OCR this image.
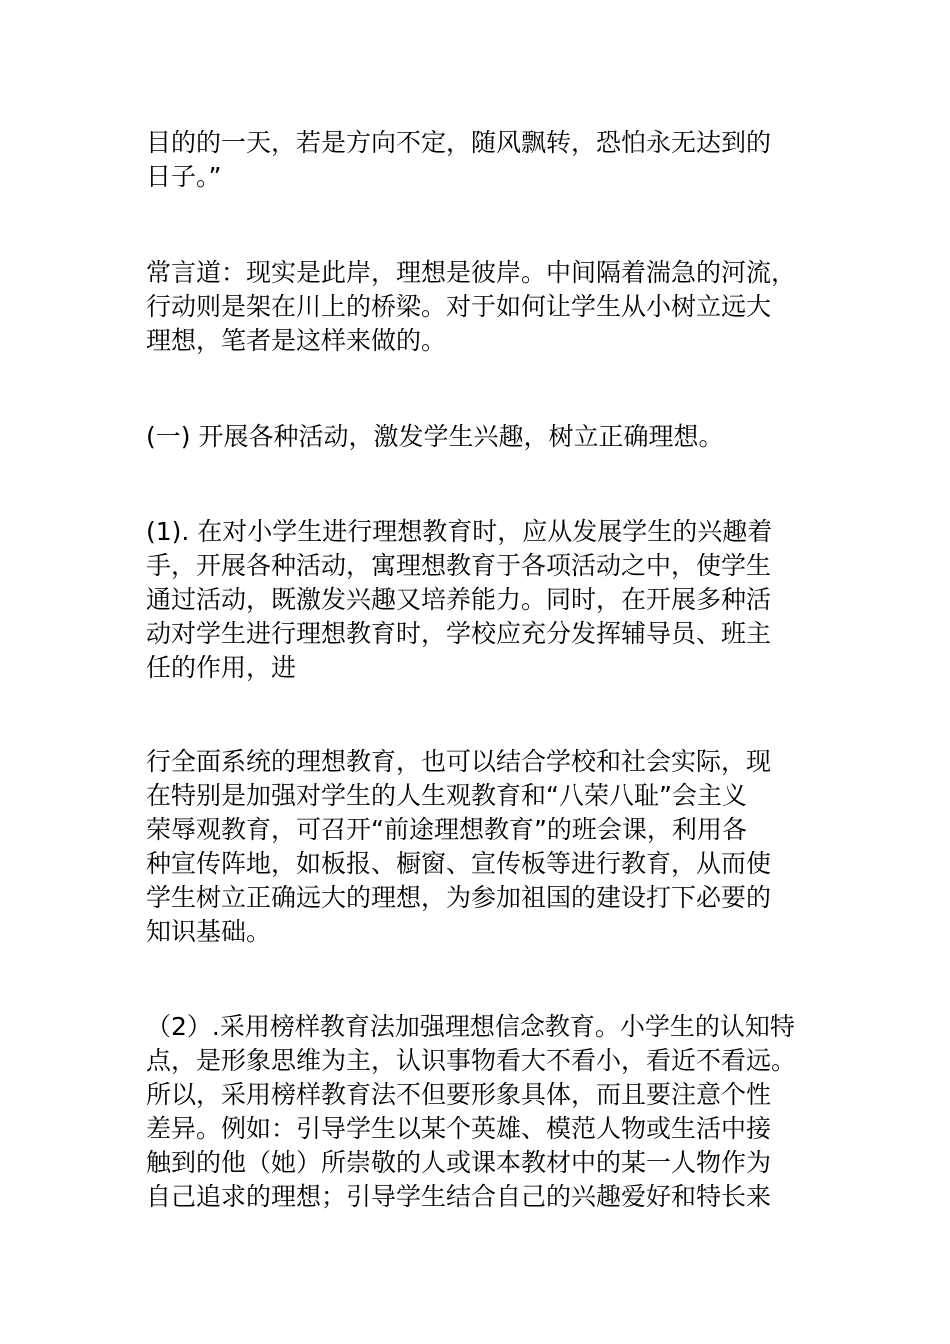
目的的一天，若是方向不定，随风飘转，恐怕永无达到的
日子。”

常言道：现实是此岸，理想是彼岸。中间隔着湍急的河流，
行动则是架在川上的桥梁。对于如何让学生从小树立远大
理想，笔者是这样来做的。

(一) 开展各种活动，激发学生兴趣，树立正确理想。

(1). 在对小学生进行理想教育时，应从发展学生的兴趣着
手，开展各种活动，寓理想教育于各项活动之中，使学生
通过活动，既激发兴趣又培养能力。同时，在开展多种活
动对学生进行理想教育时，学校应充分发挥辅导员、班主
任的作用，进

行全面系统的理想教育，也可以结合学校和社会实际，现
在特别是加强对学生的人生观教育和“八荣八耻”会主义
荣辱观教育，可召开“前途理想教育”的班会课，利用各
种宣传阵地，如板报、橱窗、宣传板等进行教育，从而使
学生树立正确远大的理想，为参加祖国的建设打下必要的
知识基础。

（2）.采用榜样教育法加强理想信念教育。小学生的认知特
点，是形象思维为主，认识事物看大不看小，看近不看远。
所以，采用榜样教育法不但要形象具体，而且要注意个性
差异。例如：引导学生以某个英雄、模范人物或生活中接
触到的他（她）所崇敬的人或课本教材中的某一人物作为
自己追求的理想；引导学生结合自己的兴趣爱好和特长来
